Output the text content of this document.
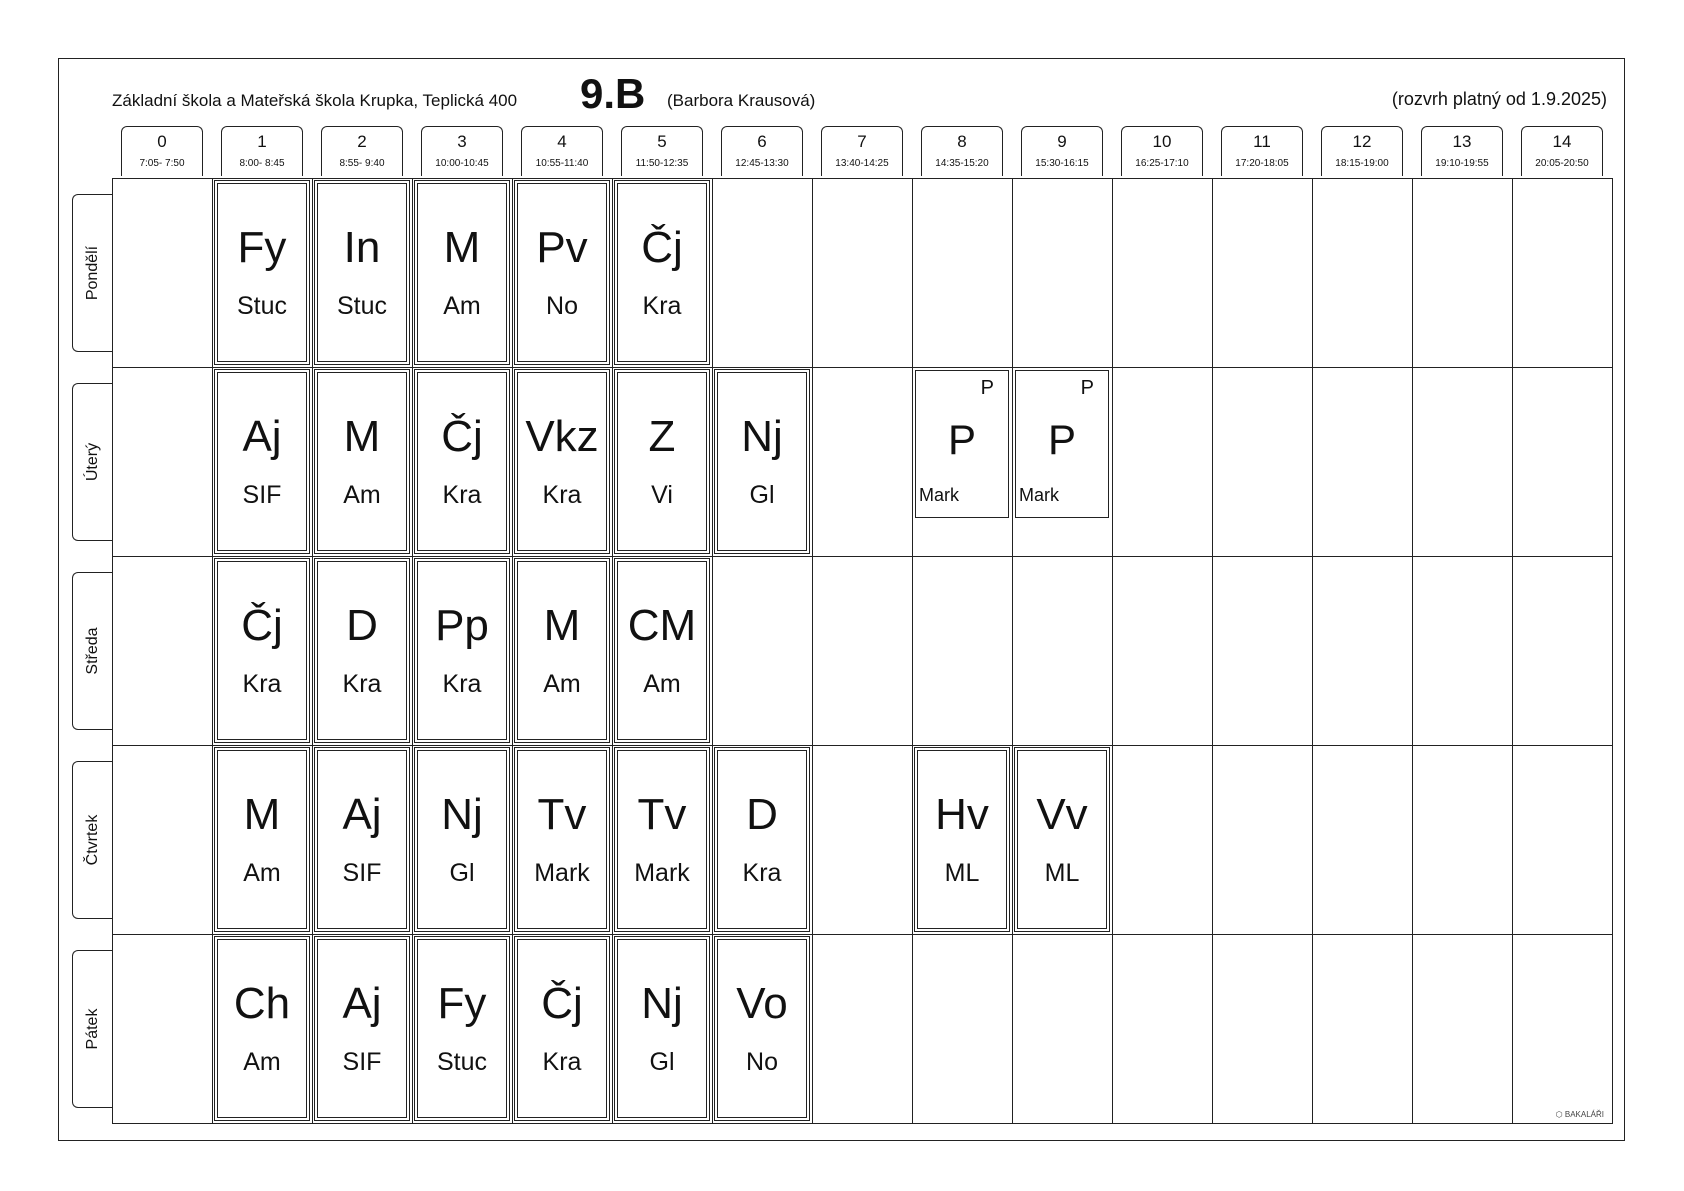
Základní škola a Mateřská škola Krupka, Teplická 400 9.B (Barbora Krausová)	(rozvrh platný od 1.9.2025)
0
7:05- 7:50
1
8:00- 8:45
2
8:55- 9:40
3
10:00-10:45
4
10:55-11:40
5
11:50-12:35
6
12:45-13:30
7
13:40-14:25
8
14:35-15:20
9
15:30-16:15
10
16:25-17:10
11
17:20-18:05
12
18:15-19:00
13
19:10-19:55
14
20:05-20:50
Pondělí
Úterý
Středa
Čtvrtek
Pátek
Fy
Stuc
In
Stuc
M
Am
Pv
No
Čj
Kra
Aj
SIF
M
Am
Čj
Kra
Vkz
Kra
Z
Vi
Nj
Gl
P
P
Mark
P
P
Mark
Čj
Kra
D
Kra
Pp
Kra
M
Am
CM
Am
M
Am
Aj
SIF
Nj
Gl
Tv
Mark
Tv
Mark
D
Kra
Hv
ML
Vv
ML
Ch
Am
Aj
SIF
Fy
Stuc
Čj
Kra
Nj
Gl
Vo
No
⬡ BAKALÁŘI
